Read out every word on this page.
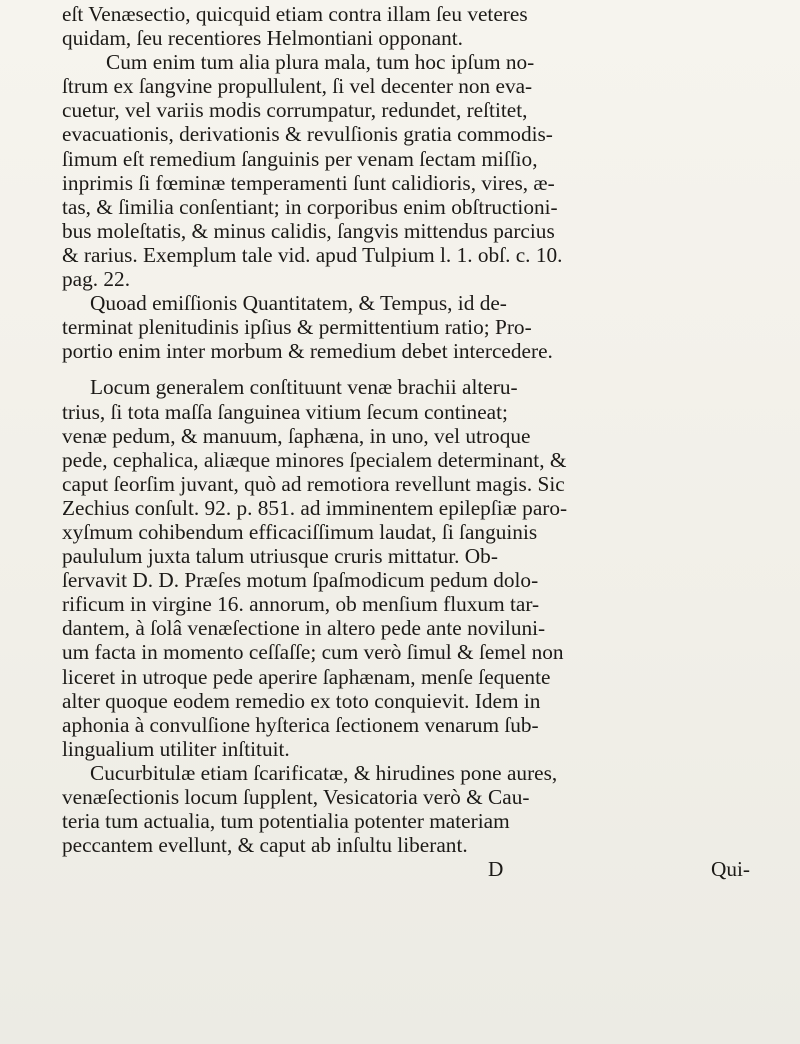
eſt Venæsectio, quicquid etiam contra illam ſeu veteres
quidam, ſeu recentiores Helmontiani opponant.
Cum enim tum alia plura mala, tum hoc ipſum no-
ſtrum ex ſangvine propullulent, ſi vel decenter non eva-
cuetur, vel variis modis corrumpatur, redundet, reſtitet,
evacuationis, derivationis & revulſionis gratia commodis-
ſimum eſt remedium ſanguinis per venam ſectam miſſio,
inprimis ſi fœminæ temperamenti ſunt calidioris, vires, æ-
tas, & ſimilia conſentiant; in corporibus enim obſtructioni-
bus moleſtatis, & minus calidis, ſangvis mittendus parcius
& rarius. Exemplum tale vid. apud Tulpium l. 1. obſ. c. 10.
pag. 22.
Quoad emiſſionis Quantitatem, & Tempus, id de-
terminat plenitudinis ipſius & permittentium ratio; Pro-
portio enim inter morbum & remedium debet intercedere.
Locum generalem conſtituunt venæ brachii alteru-
trius, ſi tota maſſa ſanguinea vitium ſecum contineat;
venæ pedum, & manuum, ſaphæna, in uno, vel utroque
pede, cephalica, aliæque minores ſpecialem determinant, &
caput ſeorſim juvant, quò ad remotiora revellunt magis. Sic
Zechius conſult. 92. p. 851. ad imminentem epilepſiæ paro-
xyſmum cohibendum efficaciſſimum laudat, ſi ſanguinis
paululum juxta talum utriusque cruris mittatur. Ob-
ſervavit D. D. Præſes motum ſpaſmodicum pedum dolo-
rificum in virgine 16. annorum, ob menſium fluxum tar-
dantem, à ſolâ venæſectione in altero pede ante noviluni-
um facta in momento ceſſaſſe; cum verò ſimul & ſemel non
liceret in utroque pede aperire ſaphænam, menſe ſequente
alter quoque eodem remedio ex toto conquievit. Idem in
aphonia à convulſione hyſterica ſectionem venarum ſub-
lingualium utiliter inſtituit.
Cucurbitulæ etiam ſcarificatæ, & hirudines pone aures,
venæſectionis locum ſupplent, Vesicatoria verò & Cau-
teria tum actualia, tum potentialia potenter materiam
peccantem evellunt, & caput ab inſultu liberant.
D	Qui-
